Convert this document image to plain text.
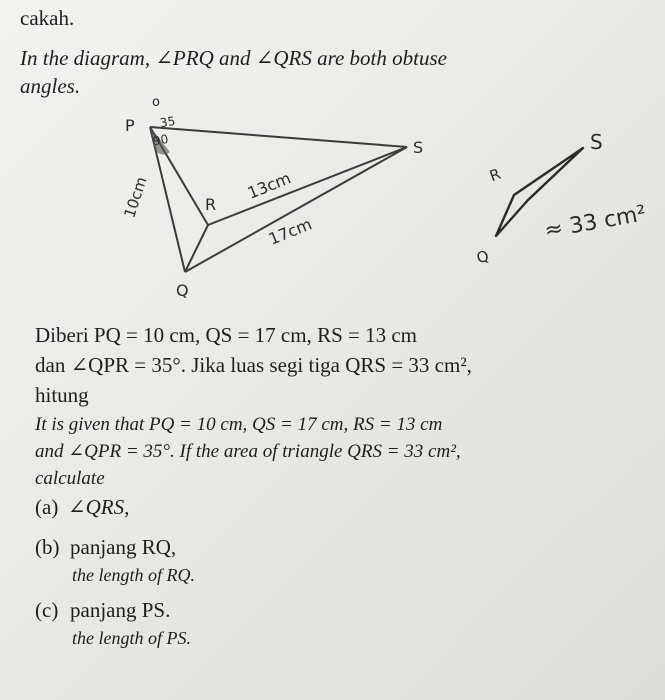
cakah.
In the diagram, ∠PRQ and ∠QRS are both obtuse
angles.
P
S
R
Q
o
35
90
10cm	13cm
17cm
S
R
Q
≈ 33 cm²
Diberi PQ = 10 cm, QS = 17 cm, RS = 13 cm
dan ∠QPR = 35°. Jika luas segi tiga QRS = 33 cm²,
hitung
It is given that PQ = 10 cm, QS = 17 cm, RS = 13 cm
and ∠QPR = 35°. If the area of triangle QRS = 33 cm²,
calculate
(a) ∠QRS,
(b) panjang RQ,
the length of RQ.
(c) panjang PS.
the length of PS.
